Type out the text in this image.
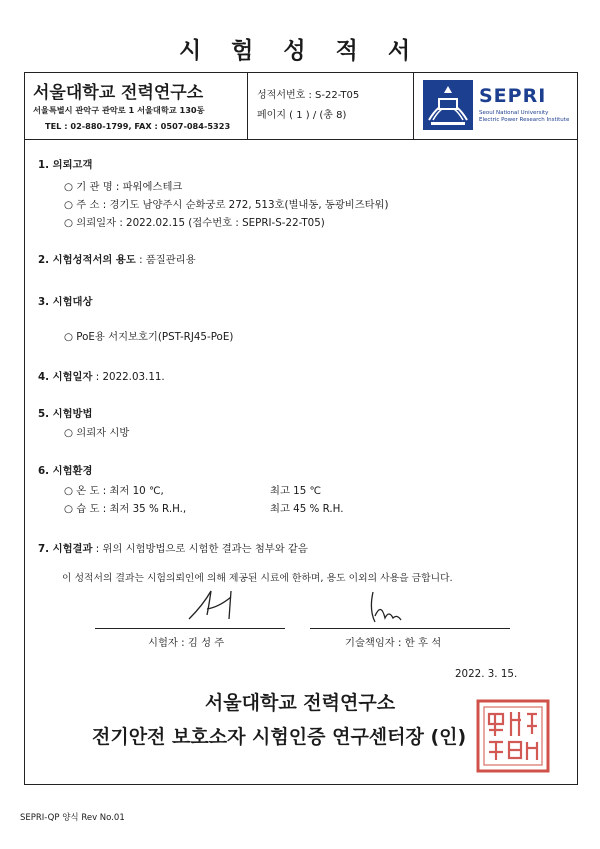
시 험 성 적 서
서울대학교 전력연구소
서울특별시 관악구 관악로 1 서울대학교 130동
TEL : 02-880-1799, FAX : 0507-084-5323
성적서번호 : S-22-T05
페이지 ( 1 ) / (총 8)
SEPRI
Seoul National University
Electric Power Research Institute
1. 의뢰고객
○ 기 관 명 : 파워에스테크
○ 주 소 : 경기도 남양주시 순화궁로 272, 513호(별내동, 동광비즈타워)
○ 의뢰일자 : 2022.02.15 (접수번호 : SEPRI-S-22-T05)
2. 시험성적서의 용도 : 품질관리용
3. 시험대상
○ PoE용 서지보호기(PST-RJ45-PoE)
4. 시험일자 : 2022.03.11.
5. 시험방법
○ 의뢰자 시방
6. 시험환경
○ 온 도 : 최저 10 ℃,	최고 15 ℃
○ 습 도 : 최저 35 % R.H.,	최고 45 % R.H.
7. 시험결과 : 위의 시험방법으로 시험한 결과는 첨부와 같음
이 성적서의 결과는 시험의뢰인에 의해 제공된 시료에 한하며, 용도 이외의 사용을 금합니다.
시험자 : 김 성 주	기술책임자 : 한 후 석
2022. 3. 15.
서울대학교 전력연구소
전기안전 보호소자 시험인증 연구센터장 (인)
SEPRI-QP 양식 Rev No.01
